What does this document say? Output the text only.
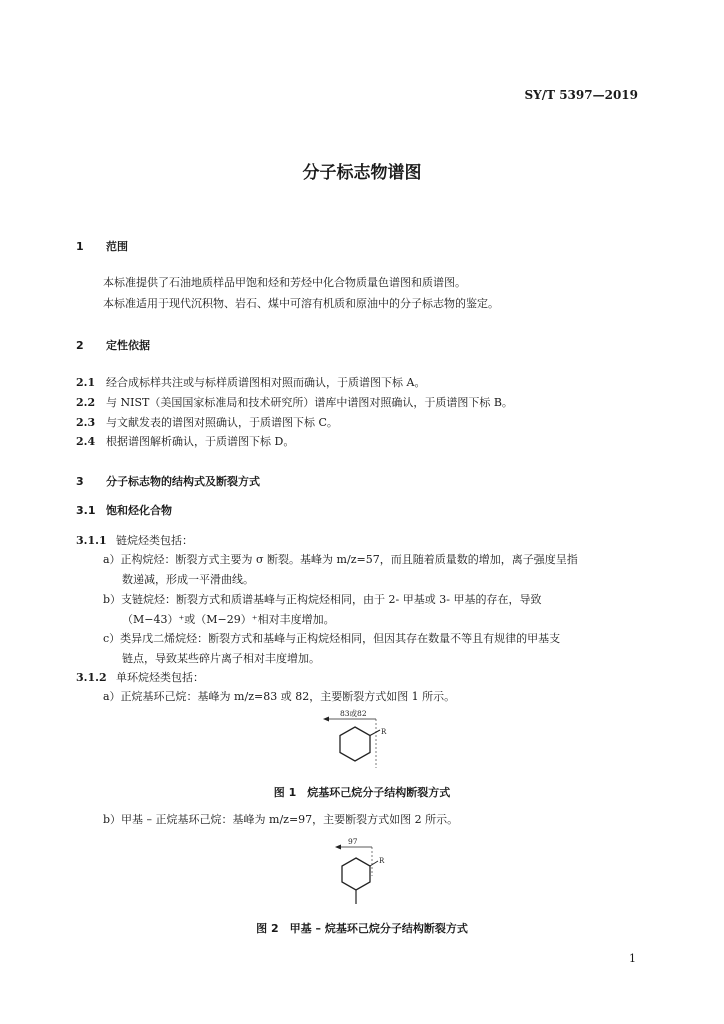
SY/T 5397—2019
分子标志物谱图
1 范围
本标准提供了石油地质样品甲饱和烃和芳烃中化合物质量色谱图和质谱图。
本标准适用于现代沉积物、岩石、煤中可溶有机质和原油中的分子标志物的鉴定。
2 定性依据
2.1 经合成标样共注或与标样质谱图相对照而确认，于质谱图下标 A。
2.2 与 NIST（美国国家标准局和技术研究所）谱库中谱图对照确认，于质谱图下标 B。
2.3 与文献发表的谱图对照确认，于质谱图下标 C。
2.4 根据谱图解析确认，于质谱图下标 D。
3 分子标志物的结构式及断裂方式
3.1 饱和烃化合物
3.1.1 链烷烃类包括：
a）正构烷烃：断裂方式主要为 σ 断裂。基峰为 m/z=57，而且随着质量数的增加，离子强度呈指
数递减，形成一平滑曲线。
b）支链烷烃：断裂方式和质谱基峰与正构烷烃相同，由于 2- 甲基或 3- 甲基的存在，导致
（M−43）⁺或（M−29）⁺相对丰度增加。
c）类异戊二烯烷烃：断裂方式和基峰与正构烷烃相同，但因其存在数量不等且有规律的甲基支
链点，导致某些碎片离子相对丰度增加。
3.1.2 单环烷烃类包括：
a）正烷基环己烷：基峰为 m/z=83 或 82，主要断裂方式如图 1 所示。
83或82
R
图 1　烷基环己烷分子结构断裂方式
b）甲基 – 正烷基环己烷：基峰为 m/z=97，主要断裂方式如图 2 所示。
97
R
图 2　甲基 – 烷基环己烷分子结构断裂方式
1
